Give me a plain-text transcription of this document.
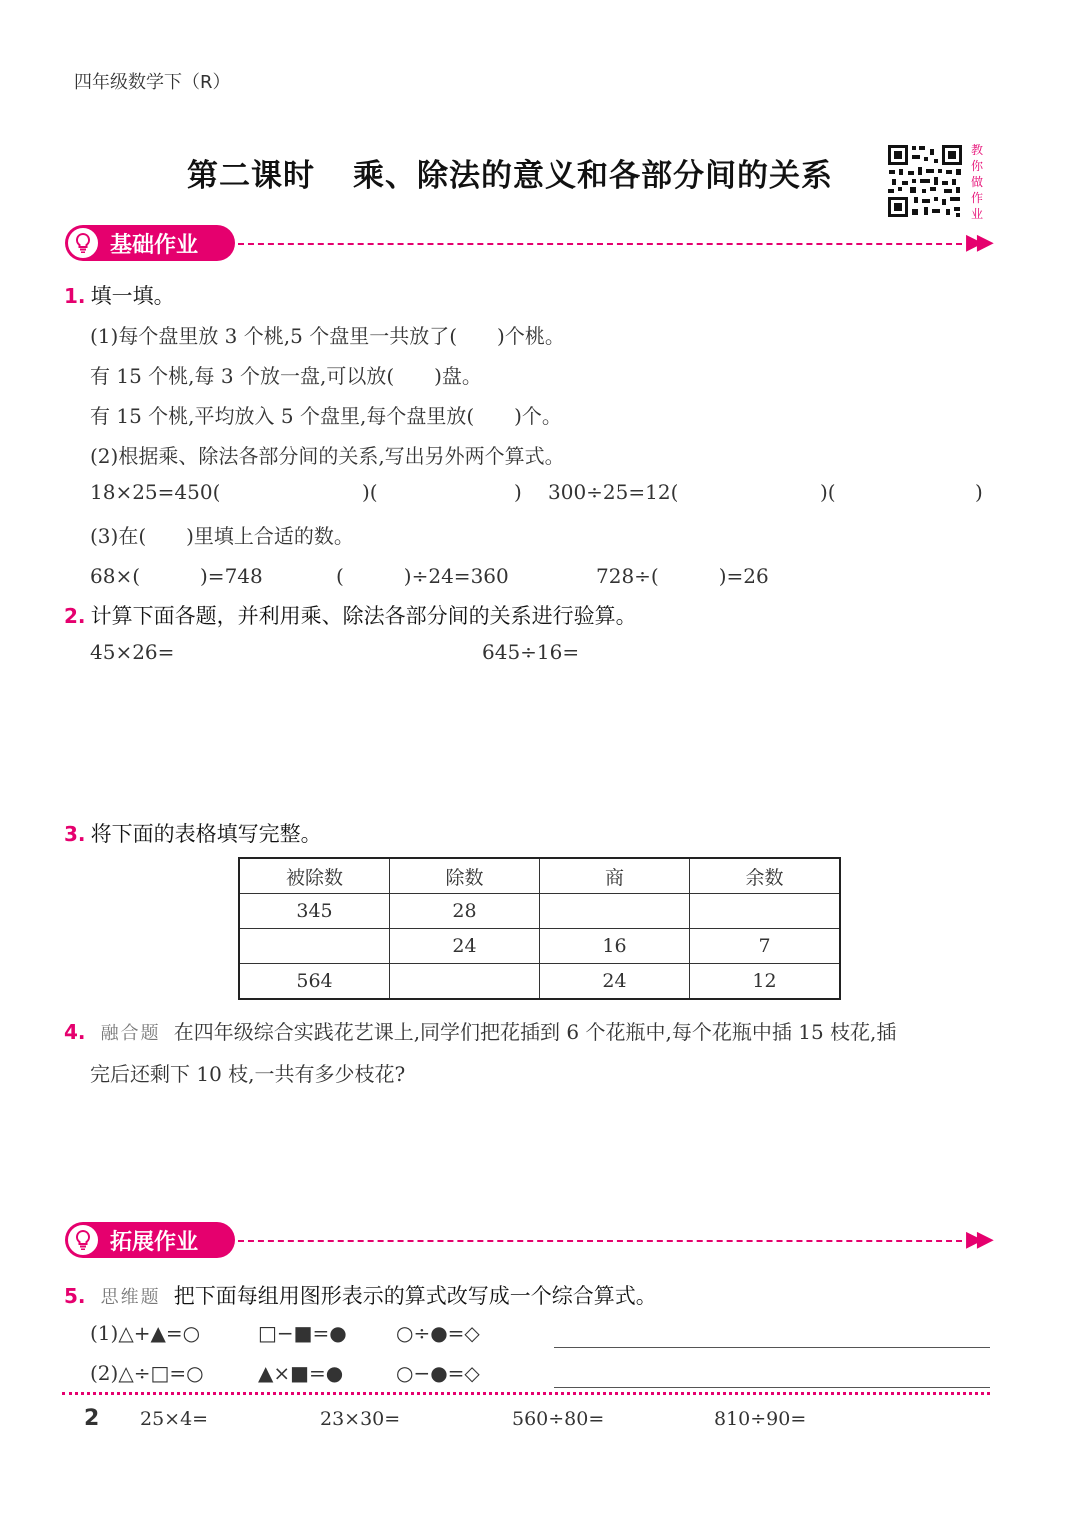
四年级数学下（R）
第二课时 乘、除法的意义和各部分间的关系
教
你
做
作
业
基础作业	▶▶
1. 填一填。
(1)每个盘里放 3 个桃,5 个盘里一共放了(　　)个桃。
有 15 个桃,每 3 个放一盘,可以放(　　)盘。
有 15 个桃,平均放入 5 个盘里,每个盘里放(　　)个。
(2)根据乘、除法各部分间的关系,写出另外两个算式。
18×25=450(	)(	) 300÷25=12(	)(	)
(3)在(　　)里填上合适的数。
68×(　　　)=748	(　　　)÷24=360	728÷(　　　)=26
2. 计算下面各题，并利用乘、除法各部分间的关系进行验算。
45×26=	645÷16=
3. 将下面的表格填写完整。
被除数	除数	商	余数
345	28		
	24	16	7
564		24	12
4. 融合题 在四年级综合实践花艺课上,同学们把花插到 6 个花瓶中,每个花瓶中插 15 枝花,插
完后还剩下 10 枝,一共有多少枝花?
拓展作业	▶▶
5. 思维题 把下面每组用图形表示的算式改写成一个综合算式。
(1)△+▲=○	□−■=● ○÷●=◇
(2)△÷□=○	▲×■=●	○−●=◇
2 25×4=	23×30=	560÷80=	810÷90=
